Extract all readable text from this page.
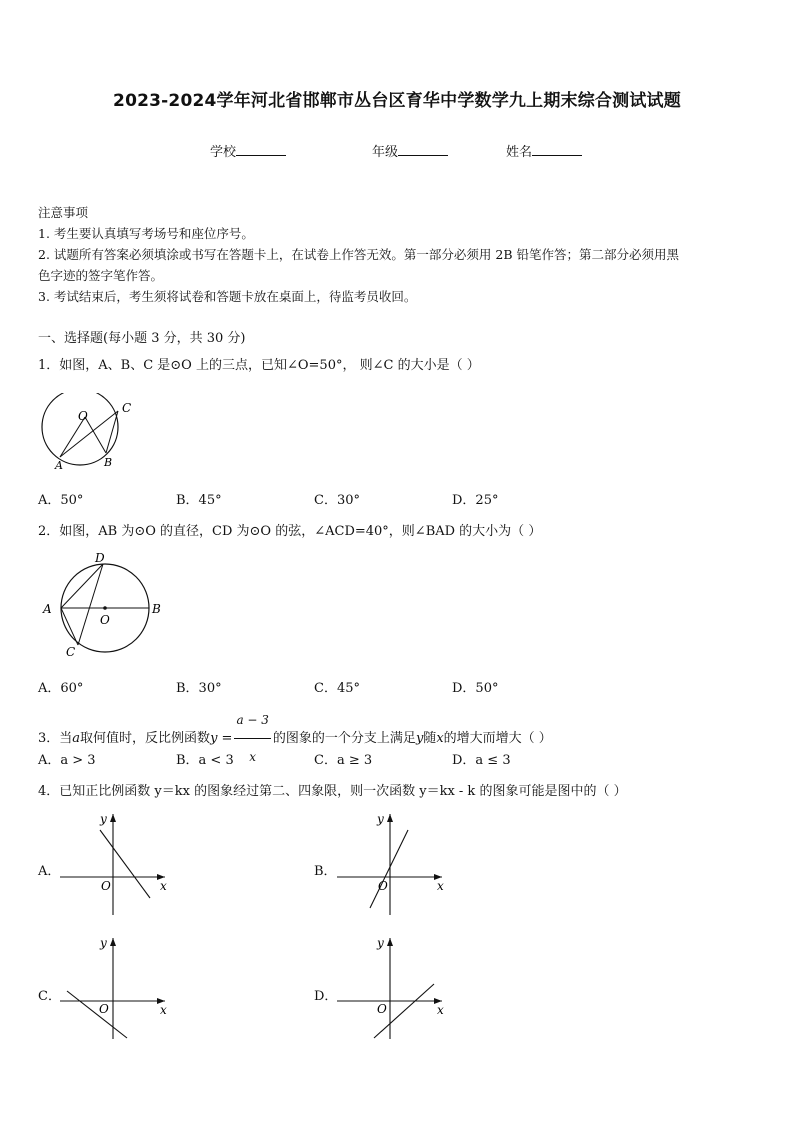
2023-2024学年河北省邯郸市丛台区育华中学数学九上期末综合测试试题
学校	年级	姓名
注意事项
1. 考生要认真填写考场号和座位序号。
2. 试题所有答案必须填涂或书写在答题卡上，在试卷上作答无效。第一部分必须用 2B 铅笔作答；第二部分必须用黑
色字迹的签字笔作答。
3. 考试结束后，考生须将试卷和答题卡放在桌面上，待监考员收回。
一、选择题(每小题 3 分，共 30 分)
1．如图，A、B、C 是⊙O 上的三点，已知∠O=50°， 则∠C 的大小是（ ）
O
A	B
C
A．50°	B．45°	C．30°	D．25°
2．如图，AB 为⊙O 的直径，CD 为⊙O 的弦，∠ACD=40°，则∠BAD 的大小为（ ）
A	B
C
D
O
A．60°	B．30°	C．45°	D．50°
3．当a取何值时，反比例函数$y = \frac{a - 3}{x}$ 的图象的一个分支上满足y随x的增大而增大（ ）
A．a > 3	B．a < 3	C．a ≥ 3	D．a ≤ 3
4．已知正比例函数 y＝kx 的图象经过第二、四象限，则一次函数 y＝kx - k 的图象可能是图中的（ ）
A．
y
x
O
B．
y
x
O
C．
y
x
O
D．
y
x
O
